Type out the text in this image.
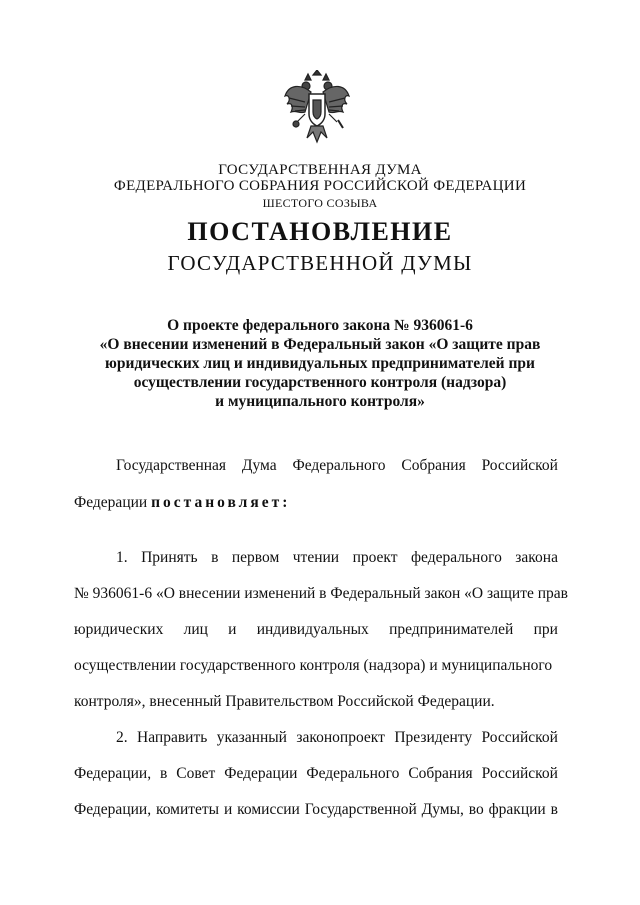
ГОСУДАРСТВЕННАЯ ДУМА
ФЕДЕРАЛЬНОГО СОБРАНИЯ РОССИЙСКОЙ ФЕДЕРАЦИИ
ШЕСТОГО СОЗЫВА
ПОСТАНОВЛЕНИЕ
ГОСУДАРСТВЕННОЙ ДУМЫ
О проекте федерального закона № 936061-6
«О внесении изменений в Федеральный закон «О защите прав
юридических лиц и индивидуальных предпринимателей при
осуществлении государственного контроля (надзора)
и муниципального контроля»
Государственная Дума Федерального Собрания Российской
Федерации постановляет:
1. Принять в первом чтении проект федерального закона
№ 936061-6 «О внесении изменений в Федеральный закон «О защите прав
юридических лиц и индивидуальных предпринимателей при
осуществлении государственного контроля (надзора) и муниципального
контроля», внесенный Правительством Российской Федерации.
2. Направить указанный законопроект Президенту Российской
Федерации, в Совет Федерации Федерального Собрания Российской
Федерации, комитеты и комиссии Государственной Думы, во фракции в
